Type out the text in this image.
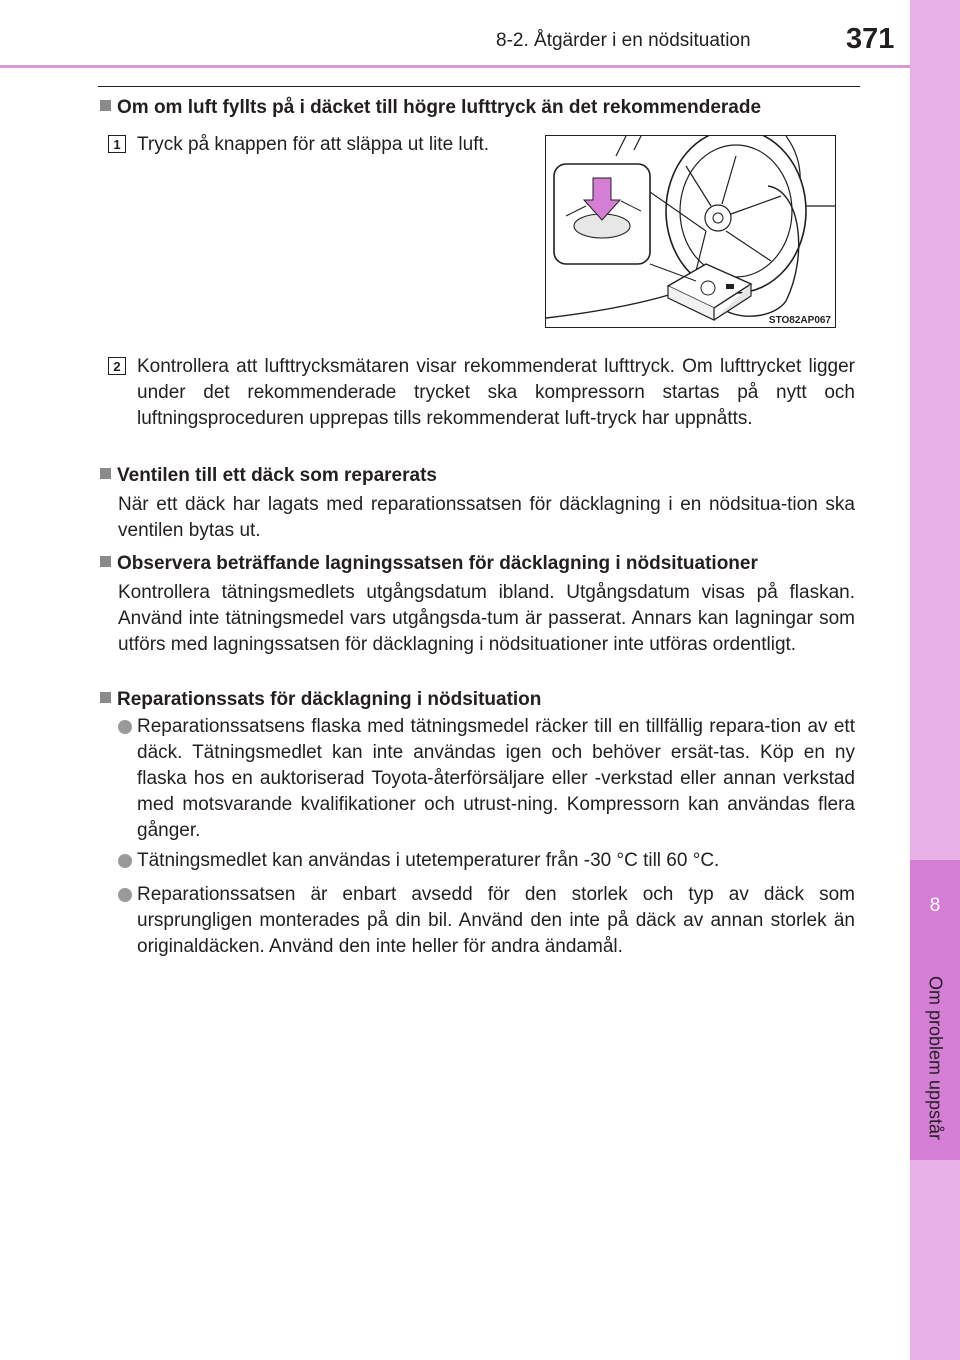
8-2. Åtgärder i en nödsituation	371
8
Om problem uppstår
Om om luft fyllts på i däcket till högre lufttryck än det rekommenderade
1 Tryck på knappen för att släppa ut lite luft.
STO82AP067
2 Kontrollera att lufttrycksmätaren visar rekommenderat lufttryck. Om lufttrycket ligger under det rekommenderade trycket ska kompressorn startas på nytt och luftningsproceduren upprepas tills rekommenderat luft-tryck har uppnåtts.
Ventilen till ett däck som reparerats
När ett däck har lagats med reparationssatsen för däcklagning i en nödsitua-tion ska ventilen bytas ut.
Observera beträffande lagningssatsen för däcklagning i nödsituationer
Kontrollera tätningsmedlets utgångsdatum ibland. Utgångsdatum visas på flaskan. Använd inte tätningsmedel vars utgångsda-tum är passerat. Annars kan lagningar som utförs med lagningssatsen för däcklagning i nödsituationer inte utföras ordentligt.
Reparationssats för däcklagning i nödsituation
Reparationssatsens flaska med tätningsmedel räcker till en tillfällig repara-tion av ett däck. Tätningsmedlet kan inte användas igen och behöver ersät-tas. Köp en ny flaska hos en auktoriserad Toyota-återförsäljare eller -verkstad eller annan verkstad med motsvarande kvalifikationer och utrust-ning. Kompressorn kan användas flera gånger.
Tätningsmedlet kan användas i utetemperaturer från -30 °C till 60 °C.
Reparationssatsen är enbart avsedd för den storlek och typ av däck som ursprungligen monterades på din bil. Använd den inte på däck av annan storlek än originaldäcken. Använd den inte heller för andra ändamål.
